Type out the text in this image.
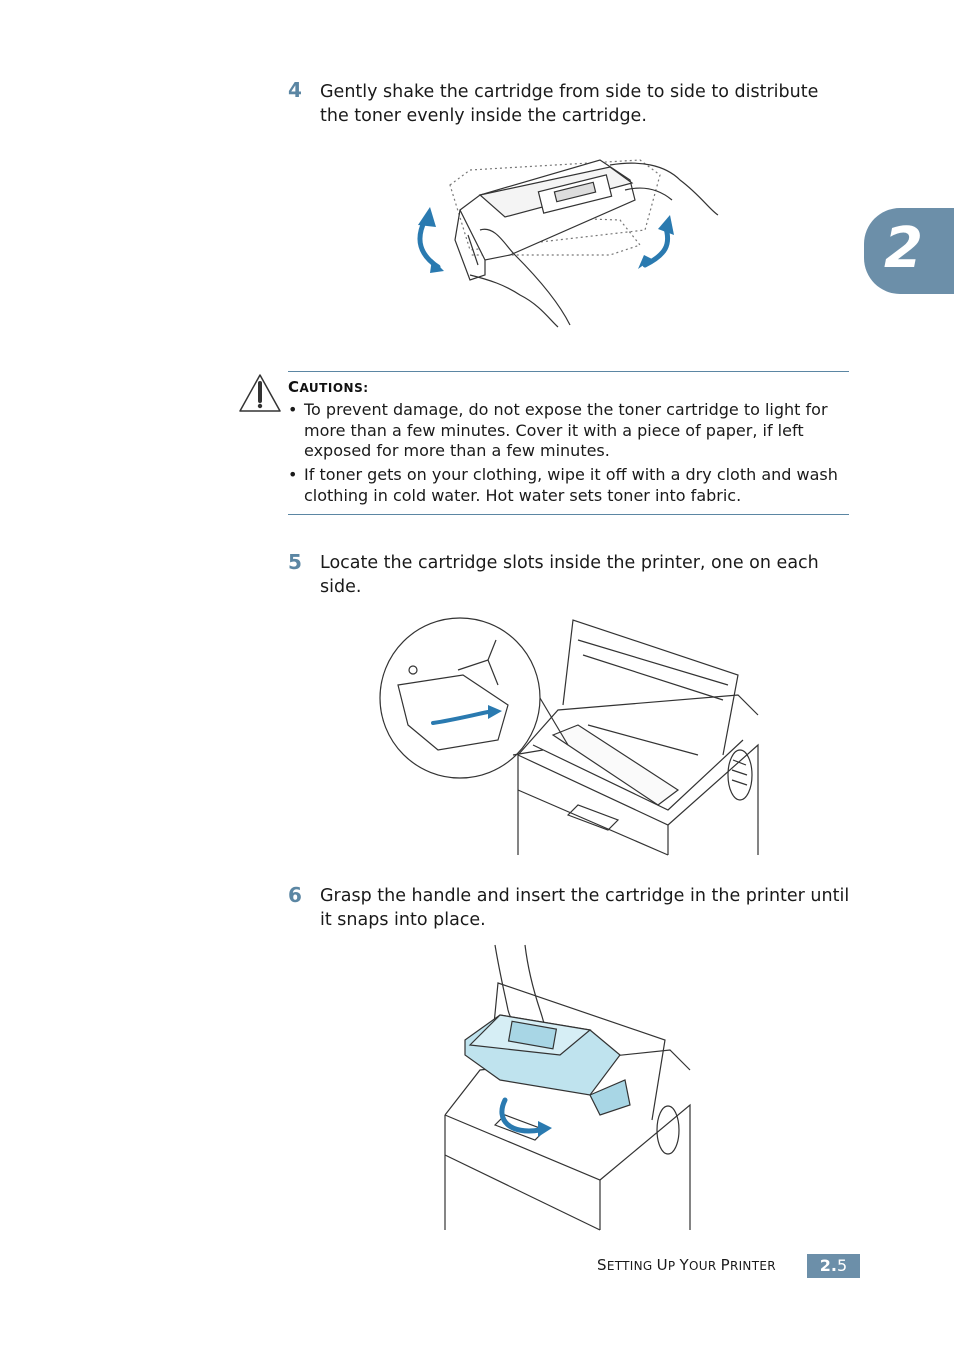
2
4 Gently shake the cartridge from side to side to distribute the toner evenly inside the cartridge.
CAUTIONS:
• To prevent damage, do not expose the toner cartridge to light for more than a few minutes. Cover it with a piece of paper, if left exposed for more than a few minutes.
• If toner gets on your clothing, wipe it off with a dry cloth and wash clothing in cold water. Hot water sets toner into fabric.
5 Locate the cartridge slots inside the printer, one on each side.
6 Grasp the handle and insert the cartridge in the printer until it snaps into place.
SETTING UP YOUR PRINTER	2.5
